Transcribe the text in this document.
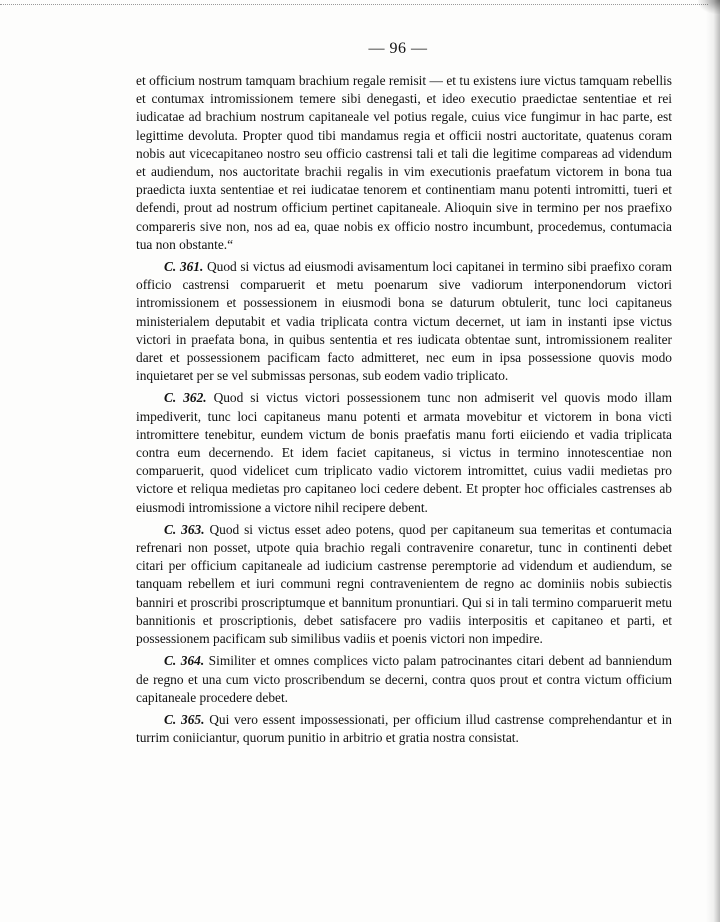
— 96 —

et officium nostrum tamquam brachium regale remisit — et tu existens iure victus tamquam rebellis et contumax intromissionem temere sibi denegasti, et ideo executio praedictae sententiae et rei iudicatae ad brachium nostrum capitaneale vel potius regale, cuius vice fungimur in hac parte, est legittime devoluta. Propter quod tibi mandamus regia et officii nostri auctoritate, quatenus coram nobis aut vicecapitaneo nostro seu officio castrensi tali et tali die legitime compareas ad videndum et audiendum, nos auctoritate brachii regalis in vim executionis praefatum victorem in bona tua praedicta iuxta sententiae et rei iudicatae tenorem et continentiam manu potenti intromitti, tueri et defendi, prout ad nostrum officium pertinet capitaneale. Alioquin sive in termino per nos praefixo compareris sive non, nos ad ea, quae nobis ex officio nostro incumbunt, procedemus, contumacia tua non obstante.“

C. 361. Quod si victus ad eiusmodi avisamentum loci capitanei in termino sibi praefixo coram officio castrensi comparuerit et metu poenarum sive vadiorum interponendorum victori intromissionem et possessionem in eiusmodi bona se daturum obtulerit, tunc loci capitaneus ministerialem deputabit et vadia triplicata contra victum decernet, ut iam in instanti ipse victus victori in praefata bona, in quibus sententia et res iudicata obtentae sunt, intromissionem realiter daret et possessionem pacificam facto admitteret, nec eum in ipsa possessione quovis modo inquietaret per se vel submissas personas, sub eodem vadio triplicato.

C. 362. Quod si victus victori possessionem tunc non admiserit vel quovis modo illam impediverit, tunc loci capitaneus manu potenti et armata movebitur et victorem in bona victi intromittere tenebitur, eundem victum de bonis praefatis manu forti eiiciendo et vadia triplicata contra eum decernendo. Et idem faciet capitaneus, si victus in termino innotescentiae non comparuerit, quod videlicet cum triplicato vadio victorem intromittet, cuius vadii medietas pro victore et reliqua medietas pro capitaneo loci cedere debent. Et propter hoc officiales castrenses ab eiusmodi intromissione a victore nihil recipere debent.

C. 363. Quod si victus esset adeo potens, quod per capitaneum sua temeritas et contumacia refrenari non posset, utpote quia brachio regali contravenire conaretur, tunc in continenti debet citari per officium capitaneale ad iudicium castrense peremptorie ad videndum et audiendum, se tanquam rebellem et iuri communi regni contravenientem de regno ac dominiis nobis subiectis banniri et proscribi proscriptumque et bannitum pronuntiari. Qui si in tali termino comparuerit metu bannitionis et proscriptionis, debet satisfacere pro vadiis interpositis et capitaneo et parti, et possessionem pacificam sub similibus vadiis et poenis victori non impedire.

C. 364. Similiter et omnes complices victo palam patrocinantes citari debent ad banniendum de regno et una cum victo proscribendum se decerni, contra quos prout et contra victum officium capitaneale procedere debet.

C. 365. Qui vero essent impossessionati, per officium illud castrense comprehendantur et in turrim coniiciantur, quorum punitio in arbitrio et gratia nostra consistat.
